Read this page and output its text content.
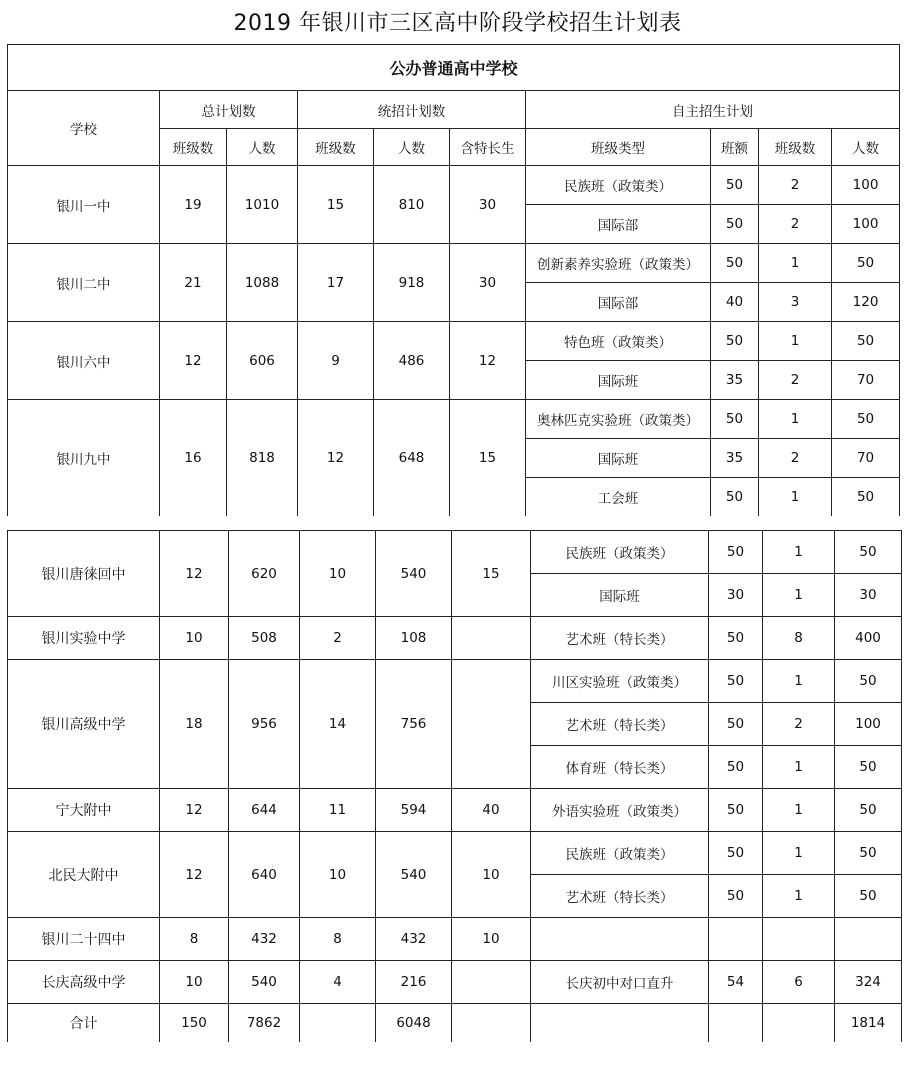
2019 年银川市三区高中阶段学校招生计划表
公办普通高中学校									
学校	总计划数		统招计划数			自主招生计划			
	班级数	人数	班级数	人数	含特长生	班级类型	班额	班级数	人数
银川一中	19	1010	15	810	30	民族班（政策类）	50	2	100
						国际部	50	2	100
银川二中	21	1088	17	918	30	创新素养实验班（政策类）	50	1	50
						国际部	40	3	120
银川六中	12	606	9	486	12	特色班（政策类）	50	1	50
						国际班	35	2	70
银川九中	16	818	12	648	15	奥林匹克实验班（政策类）	50	1	50
						国际班	35	2	70
						工会班	50	1	50
银川唐徕回中	12	620	10	540	15	民族班（政策类）	50	1	50
						国际班	30	1	30
银川实验中学	10	508	2	108		艺术班（特长类）	50	8	400
银川高级中学	18	956	14	756		川区实验班（政策类）	50	1	50
						艺术班（特长类）	50	2	100
						体育班（特长类）	50	1	50
宁大附中	12	644	11	594	40	外语实验班（政策类）	50	1	50
北民大附中	12	640	10	540	10	民族班（政策类）	50	1	50
						艺术班（特长类）	50	1	50
银川二十四中	8	432	8	432	10				
长庆高级中学	10	540	4	216		长庆初中对口直升	54	6	324
合计	150	7862		6048					1814
